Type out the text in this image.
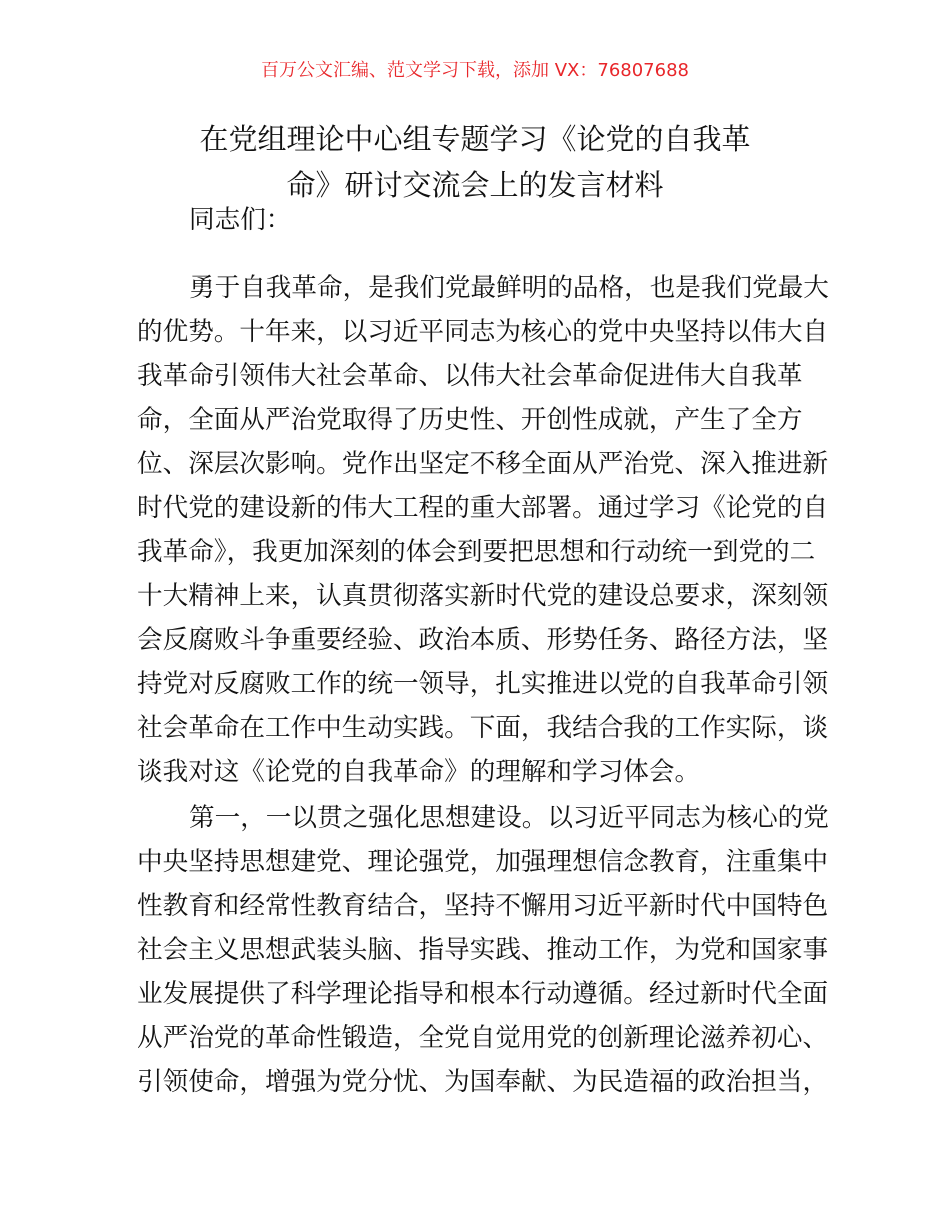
百万公文汇编、范文学习下载，添加 VX：76807688
在党组理论中心组专题学习《论党的自我革
命》研讨交流会上的发言材料
同志们：
勇于自我革命，是我们党最鲜明的品格，也是我们党最大
的优势。十年来，以习近平同志为核心的党中央坚持以伟大自
我革命引领伟大社会革命、以伟大社会革命促进伟大自我革
命，全面从严治党取得了历史性、开创性成就，产生了全方
位、深层次影响。党作出坚定不移全面从严治党、深入推进新
时代党的建设新的伟大工程的重大部署。通过学习《论党的自
我革命》，我更加深刻的体会到要把思想和行动统一到党的二
十大精神上来，认真贯彻落实新时代党的建设总要求，深刻领
会反腐败斗争重要经验、政治本质、形势任务、路径方法，坚
持党对反腐败工作的统一领导，扎实推进以党的自我革命引领
社会革命在工作中生动实践。下面，我结合我的工作实际，谈
谈我对这《论党的自我革命》的理解和学习体会。
第一，一以贯之强化思想建设。以习近平同志为核心的党
中央坚持思想建党、理论强党，加强理想信念教育，注重集中
性教育和经常性教育结合，坚持不懈用习近平新时代中国特色
社会主义思想武装头脑、指导实践、推动工作，为党和国家事
业发展提供了科学理论指导和根本行动遵循。经过新时代全面
从严治党的革命性锻造，全党自觉用党的创新理论滋养初心、
引领使命，增强为党分忧、为国奉献、为民造福的政治担当，
